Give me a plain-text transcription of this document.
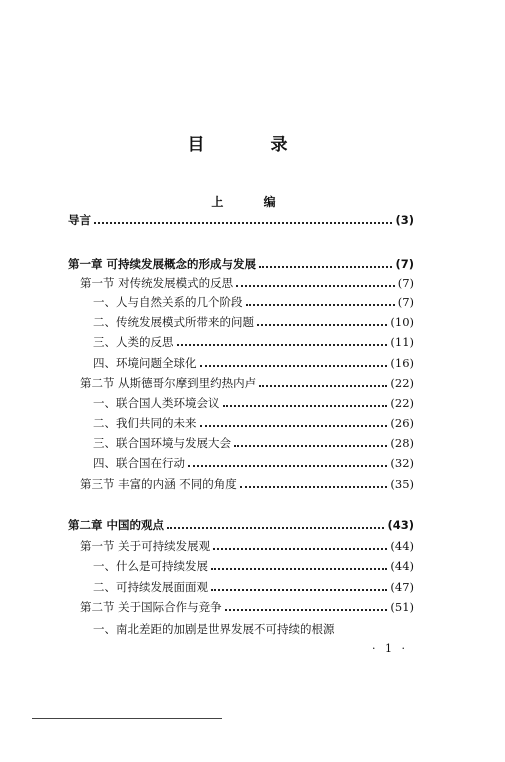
目 录
上 编
导言	(3)
第一章 可持续发展概念的形成与发展	(7)
第一节 对传统发展模式的反思	(7)
一、人与自然关系的几个阶段	(7)
二、传统发展模式所带来的问题	(10)
三、人类的反思	(11)
四、环境问题全球化	(16)
第二节 从斯德哥尔摩到里约热内卢	(22)
一、联合国人类环境会议	(22)
二、我们共同的未来	(26)
三、联合国环境与发展大会	(28)
四、联合国在行动	(32)
第三节 丰富的内涵 不同的角度	(35)
第二章 中国的观点	(43)
第一节 关于可持续发展观	(44)
一、什么是可持续发展	(44)
二、可持续发展面面观	(47)
第二节 关于国际合作与竞争	(51)
一、南北差距的加剧是世界发展不可持续的根源
· 1 ·
